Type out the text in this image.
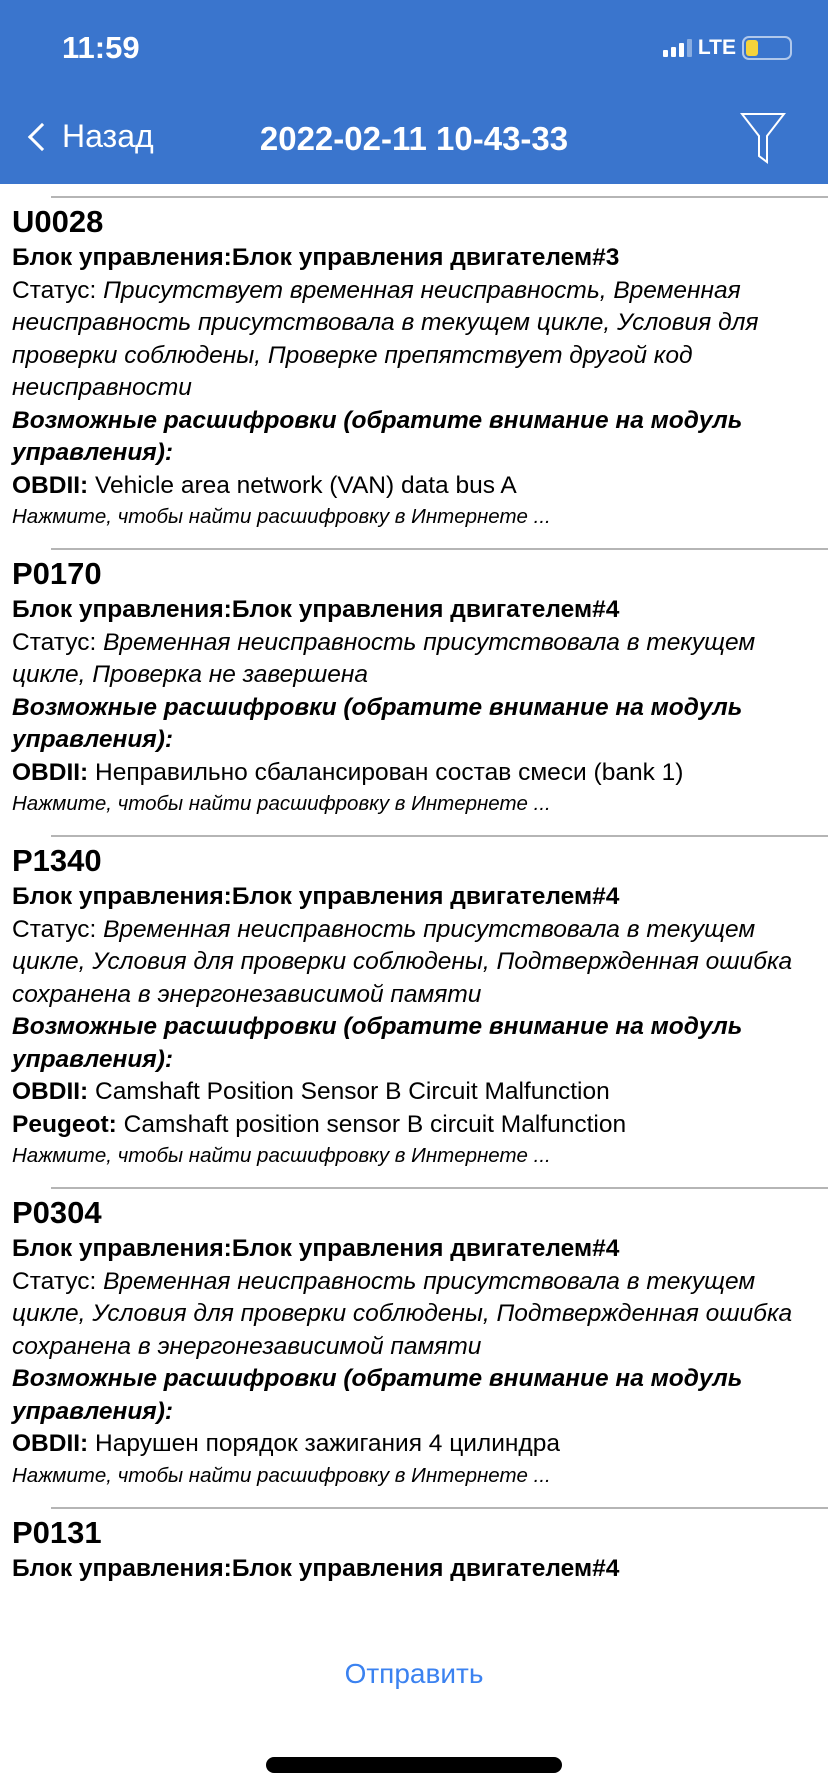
11:59	LTE
Назад	2022-02-11 10-43-33
U0028
Блок управления:Блок управления двигателем#3
Статус: Присутствует временная неисправность, Временная неисправность присутствовала в текущем цикле, Условия для проверки соблюдены, Проверке препятствует другой код неисправности
Возможные расшифровки (обратите внимание на модуль управления):
OBDII: Vehicle area network (VAN) data bus A
Нажмите, чтобы найти расшифровку в Интернете ...
P0170
Блок управления:Блок управления двигателем#4
Статус: Временная неисправность присутствовала в текущем цикле, Проверка не завершена
Возможные расшифровки (обратите внимание на модуль управления):
OBDII: Неправильно сбалансирован состав смеси (bank 1)
Нажмите, чтобы найти расшифровку в Интернете ...
P1340
Блок управления:Блок управления двигателем#4
Статус: Временная неисправность присутствовала в текущем цикле, Условия для проверки соблюдены, Подтвержденная ошибка сохранена в энергонезависимой памяти
Возможные расшифровки (обратите внимание на модуль управления):
OBDII: Camshaft Position Sensor B Circuit Malfunction
Peugeot: Camshaft position sensor B circuit Malfunction
Нажмите, чтобы найти расшифровку в Интернете ...
P0304
Блок управления:Блок управления двигателем#4
Статус: Временная неисправность присутствовала в текущем цикле, Условия для проверки соблюдены, Подтвержденная ошибка сохранена в энергонезависимой памяти
Возможные расшифровки (обратите внимание на модуль управления):
OBDII: Нарушен порядок зажигания 4 цилиндра
Нажмите, чтобы найти расшифровку в Интернете ...
P0131
Блок управления:Блок управления двигателем#4
Отправить
